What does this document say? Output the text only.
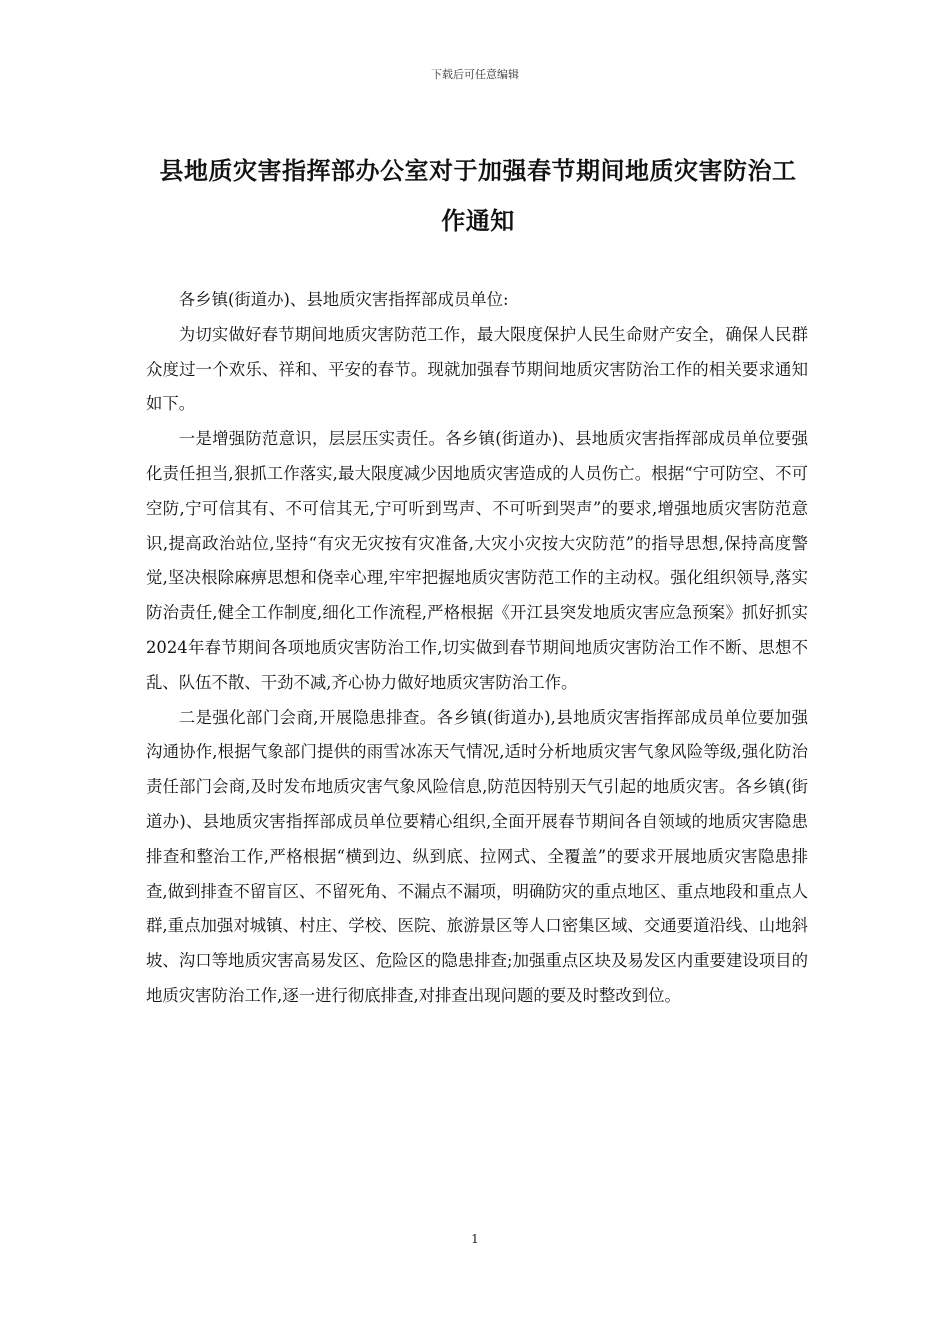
下载后可任意编辑
县地质灾害指挥部办公室对于加强春节期间地质灾害防治工作通知

各乡镇(街道办)、县地质灾害指挥部成员单位:

为切实做好春节期间地质灾害防范工作，最大限度保护人民生命财产安全，确保人民群众度过一个欢乐、祥和、平安的春节。现就加强春节期间地质灾害防治工作的相关要求通知如下。

一是增强防范意识，层层压实责任。各乡镇(街道办)、县地质灾害指挥部成员单位要强化责任担当,狠抓工作落实,最大限度减少因地质灾害造成的人员伤亡。根据“宁可防空、不可空防,宁可信其有、不可信其无,宁可听到骂声、不可听到哭声”的要求,增强地质灾害防范意识,提高政治站位,坚持“有灾无灾按有灾准备,大灾小灾按大灾防范”的指导思想,保持高度警觉,坚决根除麻痹思想和侥幸心理,牢牢把握地质灾害防范工作的主动权。强化组织领导,落实防治责任,健全工作制度,细化工作流程,严格根据《开江县突发地质灾害应急预案》抓好抓实2024年春节期间各项地质灾害防治工作,切实做到春节期间地质灾害防治工作不断、思想不乱、队伍不散、干劲不减,齐心协力做好地质灾害防治工作。

二是强化部门会商,开展隐患排查。各乡镇(街道办),县地质灾害指挥部成员单位要加强沟通协作,根据气象部门提供的雨雪冰冻天气情况,适时分析地质灾害气象风险等级,强化防治责任部门会商,及时发布地质灾害气象风险信息,防范因特别天气引起的地质灾害。各乡镇(街道办)、县地质灾害指挥部成员单位要精心组织,全面开展春节期间各自领域的地质灾害隐患排查和整治工作,严格根据“横到边、纵到底、拉网式、全覆盖”的要求开展地质灾害隐患排查,做到排查不留盲区、不留死角、不漏点不漏项，明确防灾的重点地区、重点地段和重点人群,重点加强对城镇、村庄、学校、医院、旅游景区等人口密集区域、交通要道沿线、山地斜坡、沟口等地质灾害高易发区、危险区的隐患排查;加强重点区块及易发区内重要建设项目的地质灾害防治工作,逐一进行彻底排查,对排查出现问题的要及时整改到位。

1
